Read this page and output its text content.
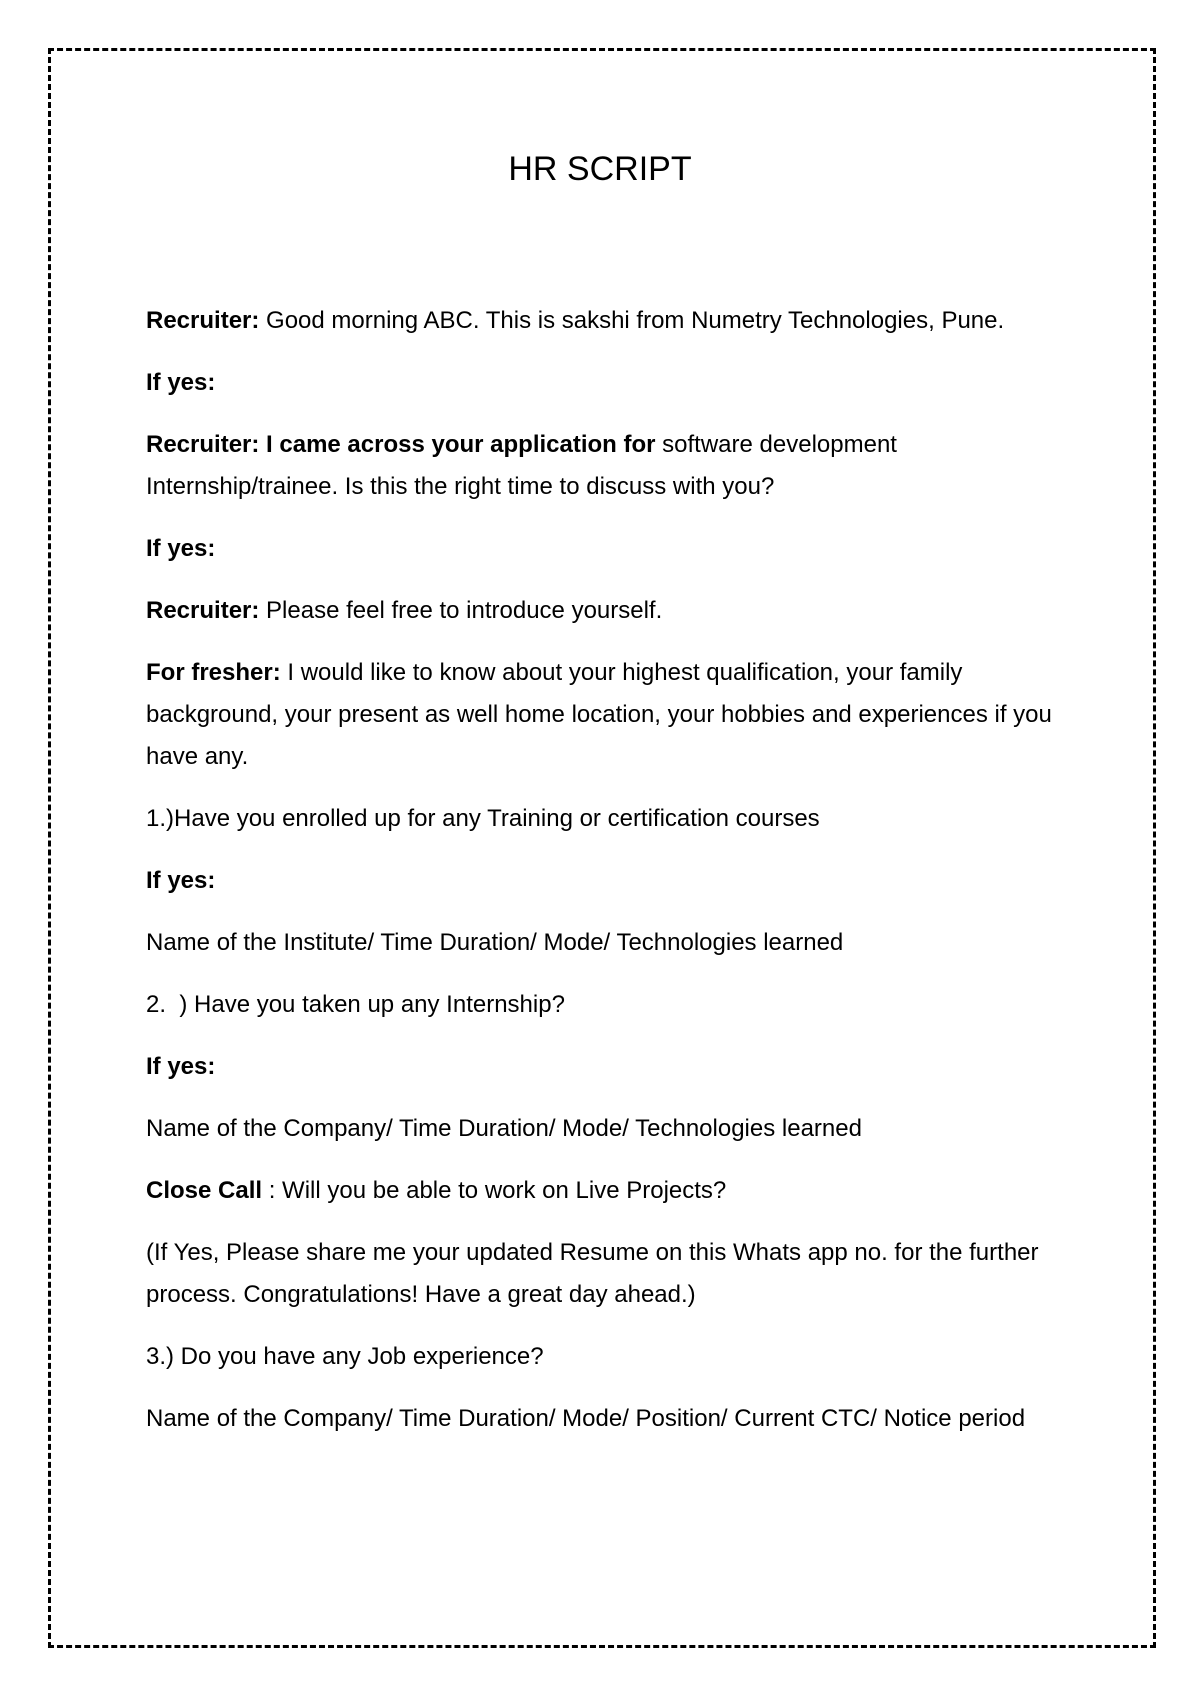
HR SCRIPT

Recruiter: Good morning ABC. This is sakshi from Numetry Technologies, Pune.

If yes:

Recruiter: I came across your application for software development Internship/trainee. Is this the right time to discuss with you?

If yes:

Recruiter: Please feel free to introduce yourself.

For fresher: I would like to know about your highest qualification, your family background, your present as well home location, your hobbies and experiences if you have any.

1.)Have you enrolled up for any Training or certification courses

If yes:

Name of the Institute/ Time Duration/ Mode/ Technologies learned

2.  ) Have you taken up any Internship?

If yes:

Name of the Company/ Time Duration/ Mode/ Technologies learned

Close Call : Will you be able to work on Live Projects?

(If Yes, Please share me your updated Resume on this Whats app no. for the further process. Congratulations! Have a great day ahead.)

3.) Do you have any Job experience?

Name of the Company/ Time Duration/ Mode/ Position/ Current CTC/ Notice period
